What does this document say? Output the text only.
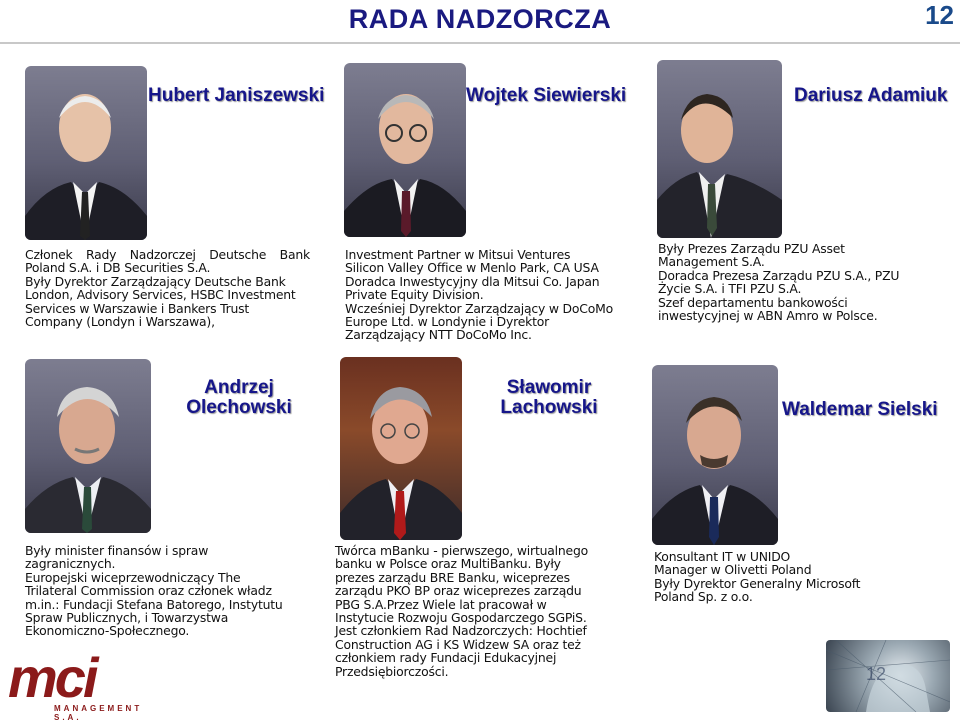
RADA NADZORCZA	12
Hubert Janiszewski
Członek Rady Nadzorczej Deutsche Bank
Poland S.A. i DB Securities S.A.
Były Dyrektor Zarządzający Deutsche Bank
London, Advisory Services, HSBC Investment
Services w Warszawie i Bankers Trust
Company (Londyn i Warszawa),
Wojtek Siewierski
Investment Partner w Mitsui Ventures
Silicon Valley Office w Menlo Park, CA USA
Doradca Inwestycyjny dla Mitsui Co. Japan
Private Equity Division.
Wcześniej Dyrektor Zarządzający w DoCoMo
Europe Ltd. w Londynie i Dyrektor
Zarządzający NTT DoCoMo Inc.
Dariusz Adamiuk
Były Prezes Zarządu PZU Asset
Management S.A.
Doradca Prezesa Zarządu PZU S.A., PZU
Życie S.A. i TFI PZU S.A.
Szef departamentu bankowości
inwestycyjnej w ABN Amro w Polsce.
Andrzej
Olechowski
Były minister finansów i spraw
zagranicznych.
Europejski wiceprzewodniczący The
Trilateral Commission oraz członek władz
m.in.: Fundacji Stefana Batorego, Instytutu
Spraw Publicznych, i Towarzystwa
Ekonomiczno-Społecznego.
Sławomir
Lachowski
Twórca mBanku - pierwszego, wirtualnego
banku w Polsce oraz MultiBanku. Były
prezes zarządu BRE Banku, wiceprezes
zarządu PKO BP oraz wiceprezes zarządu
PBG S.A.Przez Wiele lat pracował w
Instytucie Rozwoju Gospodarczego SGPiS.
Jest członkiem Rad Nadzorczych: Hochtief
Construction AG i KS Widzew SA oraz też
członkiem rady Fundacji Edukacyjnej
Przedsiębiorczości.
Waldemar Sielski
Konsultant IT w UNIDO
Manager w Olivetti Poland
Były Dyrektor Generalny Microsoft
Poland Sp. z o.o.
mci
MANAGEMENT S.A.
12
